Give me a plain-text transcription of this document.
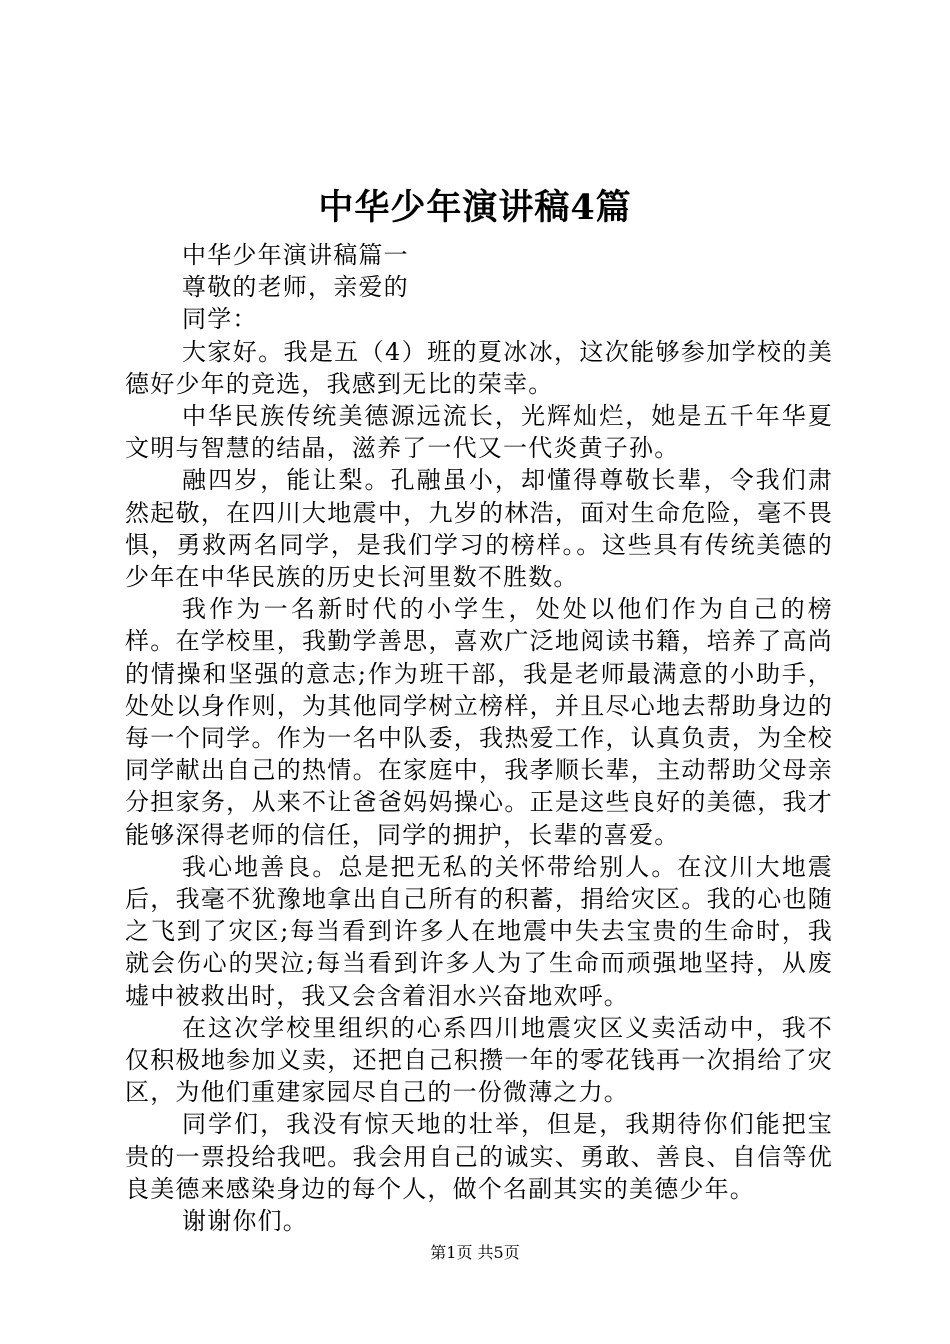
中华少年演讲稿4篇

中华少年演讲稿篇一

尊敬的老师，亲爱的

同学：

大家好。我是五（4）班的夏冰冰，这次能够参加学校的美德好少年的竞选，我感到无比的荣幸。

中华民族传统美德源远流长，光辉灿烂，她是五千年华夏文明与智慧的结晶，滋养了一代又一代炎黄子孙。

融四岁，能让梨。孔融虽小，却懂得尊敬长辈，令我们肃然起敬，在四川大地震中，九岁的林浩，面对生命危险，毫不畏惧，勇救两名同学，是我们学习的榜样。。这些具有传统美德的少年在中华民族的历史长河里数不胜数。

我作为一名新时代的小学生，处处以他们作为自己的榜样。在学校里，我勤学善思，喜欢广泛地阅读书籍，培养了高尚的情操和坚强的意志;作为班干部，我是老师最满意的小助手，处处以身作则，为其他同学树立榜样，并且尽心地去帮助身边的每一个同学。作为一名中队委，我热爱工作，认真负责，为全校同学献出自己的热情。在家庭中，我孝顺长辈，主动帮助父母亲分担家务，从来不让爸爸妈妈操心。正是这些良好的美德，我才能够深得老师的信任，同学的拥护，长辈的喜爱。

我心地善良。总是把无私的关怀带给别人。在汶川大地震后，我毫不犹豫地拿出自己所有的积蓄，捐给灾区。我的心也随之飞到了灾区;每当看到许多人在地震中失去宝贵的生命时，我就会伤心的哭泣;每当看到许多人为了生命而顽强地坚持，从废墟中被救出时，我又会含着泪水兴奋地欢呼。

在这次学校里组织的心系四川地震灾区义卖活动中，我不仅积极地参加义卖，还把自己积攒一年的零花钱再一次捐给了灾区，为他们重建家园尽自己的一份微薄之力。

同学们，我没有惊天地的壮举，但是，我期待你们能把宝贵的一票投给我吧。我会用自己的诚实、勇敢、善良、自信等优良美德来感染身边的每个人，做个名副其实的美德少年。

谢谢你们。

第1页 共5页
